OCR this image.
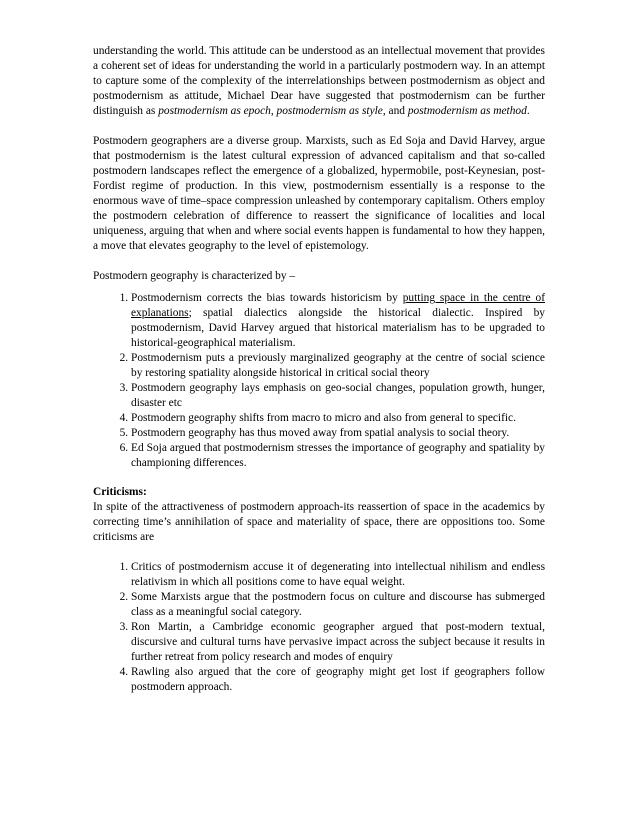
understanding the world. This attitude can be understood as an intellectual movement that provides a coherent set of ideas for understanding the world in a particularly postmodern way. In an attempt to capture some of the complexity of the interrelationships between postmodernism as object and postmodernism as attitude, Michael Dear have suggested that postmodernism can be further distinguish as postmodernism as epoch, postmodernism as style, and postmodernism as method.

Postmodern geographers are a diverse group. Marxists, such as Ed Soja and David Harvey, argue that postmodernism is the latest cultural expression of advanced capitalism and that so-called postmodern landscapes reflect the emergence of a globalized, hypermobile, post-Keynesian, post-Fordist regime of production. In this view, postmodernism essentially is a response to the enormous wave of time–space compression unleashed by contemporary capitalism. Others employ the postmodern celebration of difference to reassert the significance of localities and local uniqueness, arguing that when and where social events happen is fundamental to how they happen, a move that elevates geography to the level of epistemology.

Postmodern geography is characterized by –

1. Postmodernism corrects the bias towards historicism by putting space in the centre of explanations; spatial dialectics alongside the historical dialectic. Inspired by postmodernism, David Harvey argued that historical materialism has to be upgraded to historical-geographical materialism.
2. Postmodernism puts a previously marginalized geography at the centre of social science by restoring spatiality alongside historical in critical social theory
3. Postmodern geography lays emphasis on geo-social changes, population growth, hunger, disaster etc
4. Postmodern geography shifts from macro to micro and also from general to specific.
5. Postmodern geography has thus moved away from spatial analysis to social theory.
6. Ed Soja argued that postmodernism stresses the importance of geography and spatiality by championing differences.

Criticisms:

In spite of the attractiveness of postmodern approach-its reassertion of space in the academics by correcting time’s annihilation of space and materiality of space, there are oppositions too. Some criticisms are

1. Critics of postmodernism accuse it of degenerating into intellectual nihilism and endless relativism in which all positions come to have equal weight.
2. Some Marxists argue that the postmodern focus on culture and discourse has submerged class as a meaningful social category.
3. Ron Martin, a Cambridge economic geographer argued that post-modern textual, discursive and cultural turns have pervasive impact across the subject because it results in further retreat from policy research and modes of enquiry
4. Rawling also argued that the core of geography might get lost if geographers follow postmodern approach.
